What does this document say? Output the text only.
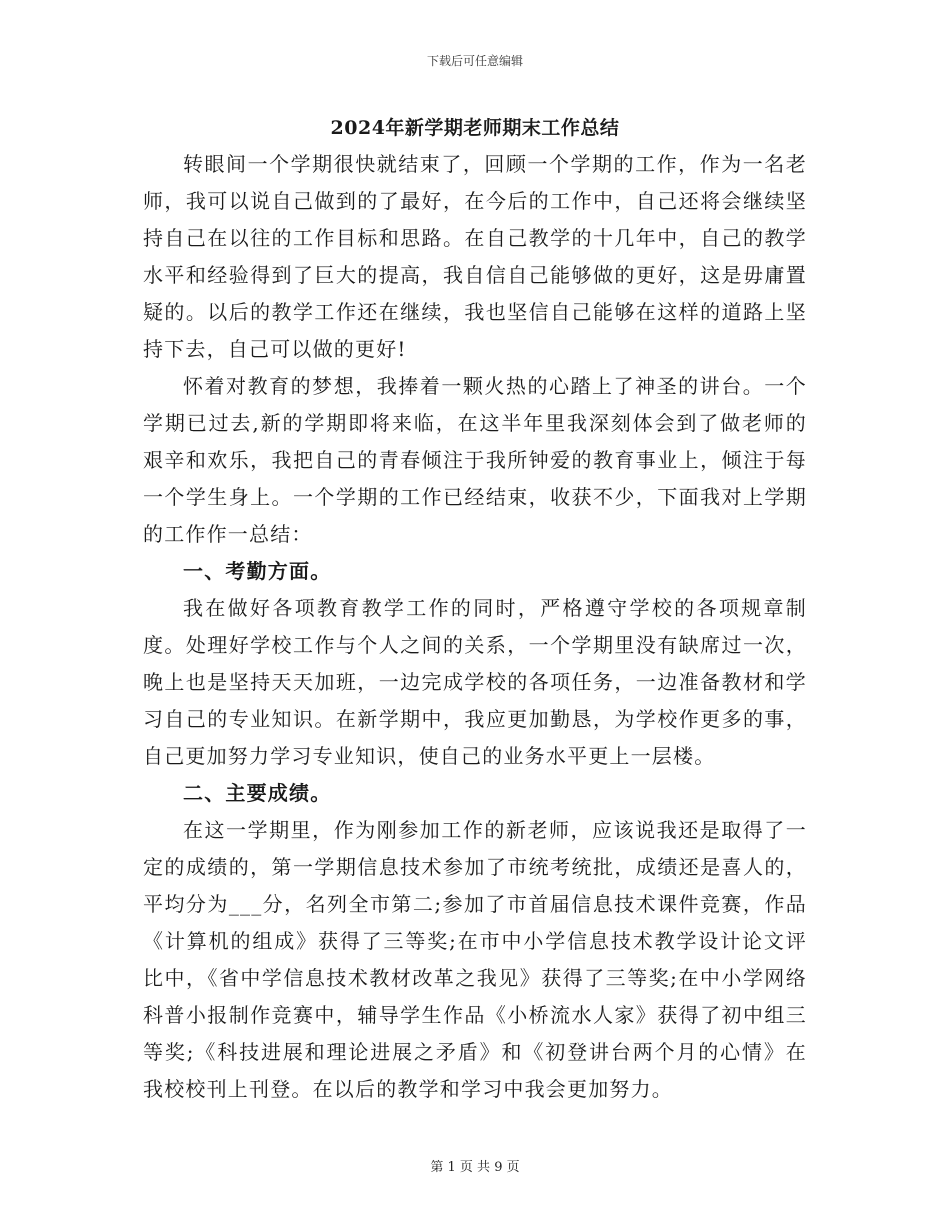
下载后可任意编辑
2024年新学期老师期末工作总结

转眼间一个学期很快就结束了，回顾一个学期的工作，作为一名老师，我可以说自己做到的了最好，在今后的工作中，自己还将会继续坚持自己在以往的工作目标和思路。在自己教学的十几年中，自己的教学水平和经验得到了巨大的提高，我自信自己能够做的更好，这是毋庸置疑的。以后的教学工作还在继续，我也坚信自己能够在这样的道路上坚持下去，自己可以做的更好!

怀着对教育的梦想，我捧着一颗火热的心踏上了神圣的讲台。一个学期已过去,新的学期即将来临，在这半年里我深刻体会到了做老师的艰辛和欢乐，我把自己的青春倾注于我所钟爱的教育事业上，倾注于每一个学生身上。一个学期的工作已经结束，收获不少，下面我对上学期的工作作一总结：

一、考勤方面。

我在做好各项教育教学工作的同时，严格遵守学校的各项规章制度。处理好学校工作与个人之间的关系，一个学期里没有缺席过一次，晚上也是坚持天天加班，一边完成学校的各项任务，一边准备教材和学习自己的专业知识。在新学期中，我应更加勤恳，为学校作更多的事，自己更加努力学习专业知识，使自己的业务水平更上一层楼。

二、主要成绩。

在这一学期里，作为刚参加工作的新老师，应该说我还是取得了一定的成绩的，第一学期信息技术参加了市统考统批，成绩还是喜人的，平均分为___分，名列全市第二;参加了市首届信息技术课件竞赛，作品《计算机的组成》获得了三等奖;在市中小学信息技术教学设计论文评比中，《省中学信息技术教材改革之我见》获得了三等奖;在中小学网络科普小报制作竞赛中，辅导学生作品《小桥流水人家》获得了初中组三等奖;《科技进展和理论进展之矛盾》和《初登讲台两个月的心情》在我校校刊上刊登。在以后的教学和学习中我会更加努力。

第 1 页 共 9 页
